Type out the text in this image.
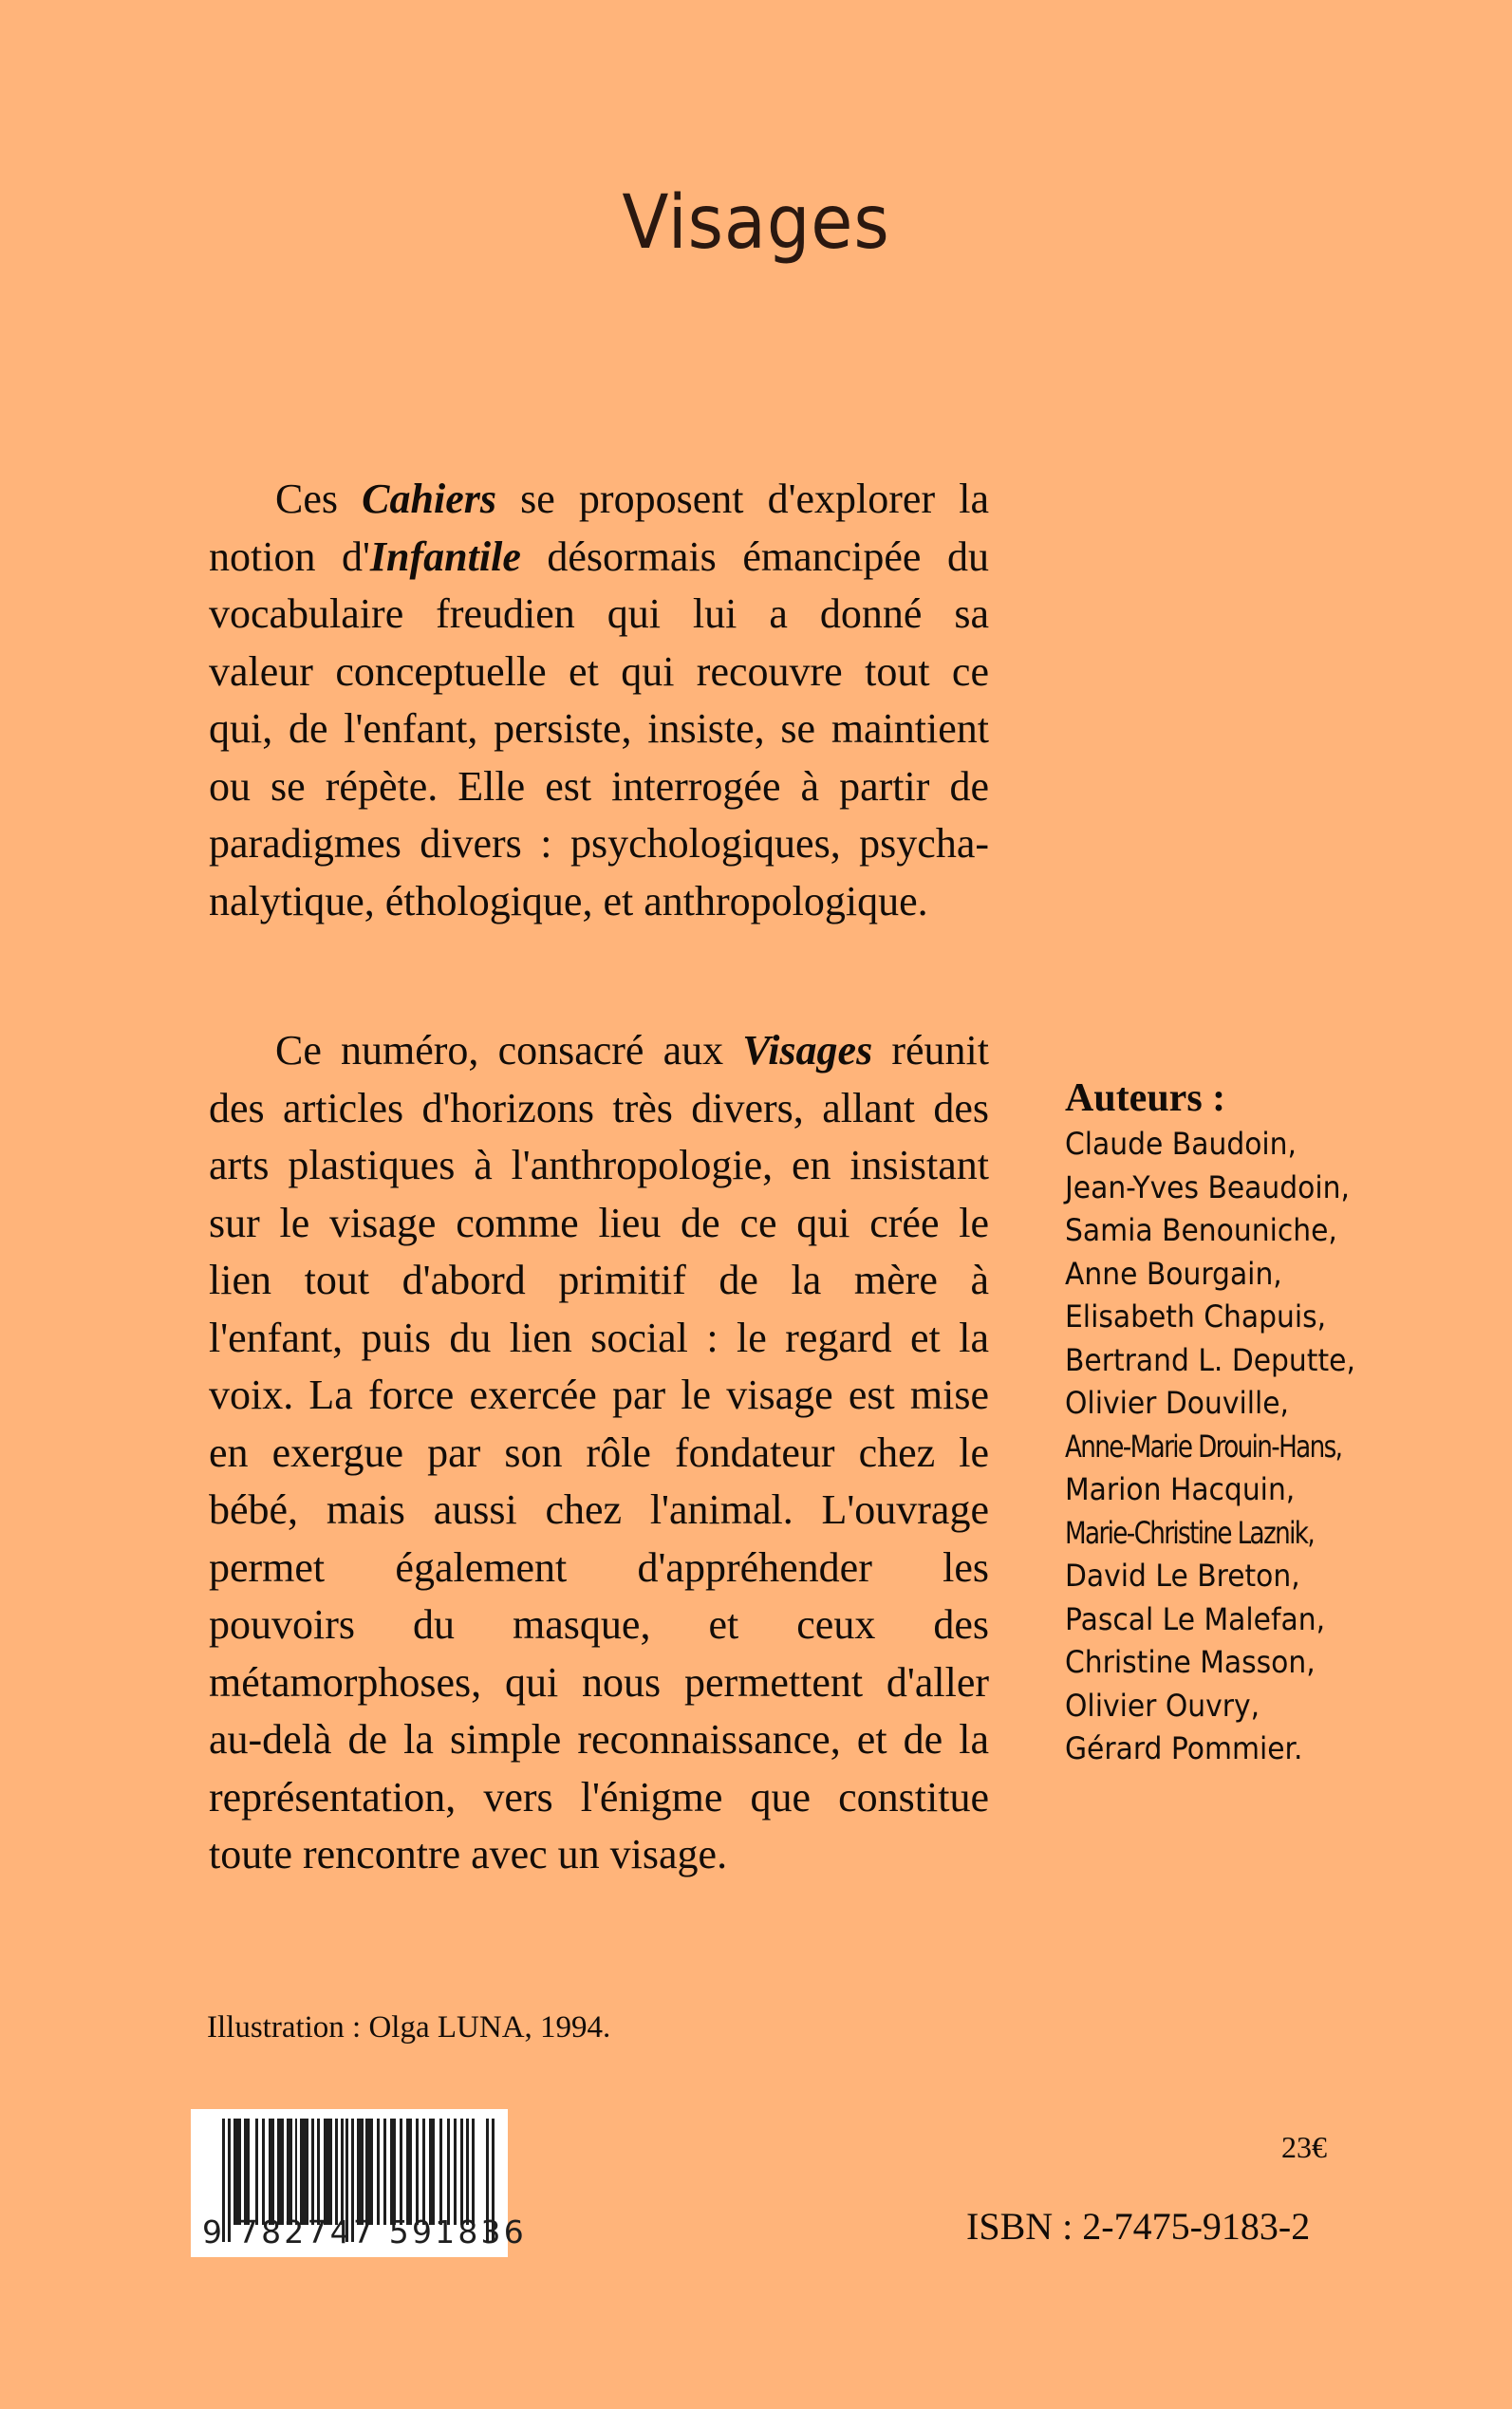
Visages
Ces Cahiers se proposent d'explorer la
notion d'Infantile désormais émancipée du
vocabulaire freudien qui lui a donné sa
valeur conceptuelle et qui recouvre tout ce
qui, de l'enfant, persiste, insiste, se maintient
ou se répète. Elle est interrogée à partir de
paradigmes divers : psychologiques, psycha-
nalytique, éthologique, et anthropologique.
Ce numéro, consacré aux Visages réunit
des articles d'horizons très divers, allant des
arts plastiques à l'anthropologie, en insistant
sur le visage comme lieu de ce qui crée le
lien tout d'abord primitif de la mère à
l'enfant, puis du lien social : le regard et la
voix. La force exercée par le visage est mise
en exergue par son rôle fondateur chez le
bébé, mais aussi chez l'animal. L'ouvrage
permet également d'appréhender les
pouvoirs du masque, et ceux des
métamorphoses, qui nous permettent d'aller
au-delà de la simple reconnaissance, et de la
représentation, vers l'énigme que constitue
toute rencontre avec un visage.
Auteurs :
Claude Baudoin,
Jean-Yves Beaudoin,
Samia Benouniche,
Anne Bourgain,
Elisabeth Chapuis,
Bertrand L. Deputte,
Olivier Douville,
Anne-Marie Drouin-Hans,
Marion Hacquin,
Marie-Christine Laznik,
David Le Breton,
Pascal Le Malefan,
Christine Masson,
Olivier Ouvry,
Gérard Pommier.
Illustration : Olga LUNA, 1994.
9 782747 591836
23€
ISBN : 2-7475-9183-2
